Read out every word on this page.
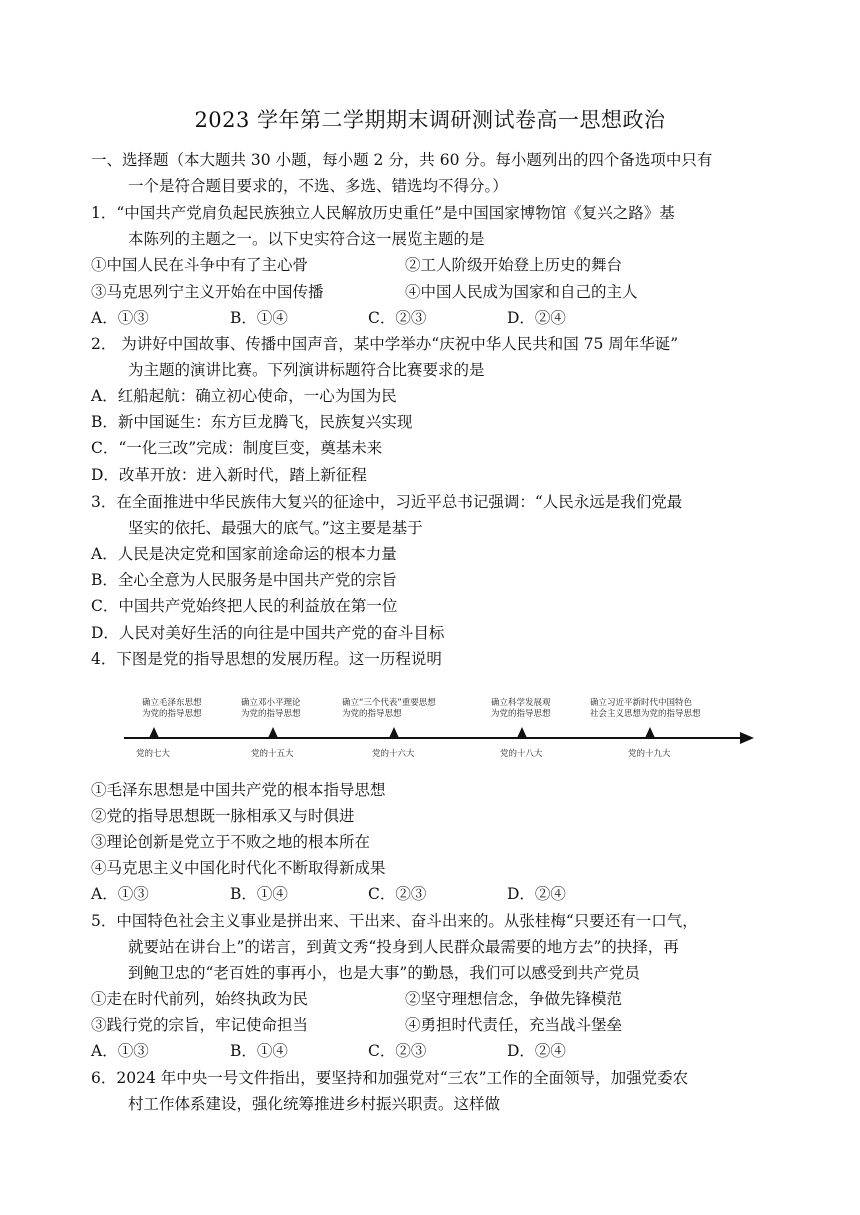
2023 学年第二学期期末调研测试卷高一思想政治
一、选择题（本大题共 30 小题，每小题 2 分，共 60 分。每小题列出的四个备选项中只有
一个是符合题目要求的，不选、多选、错选均不得分。）
1．“中国共产党肩负起民族独立人民解放历史重任”是中国国家博物馆《复兴之路》基
本陈列的主题之一。以下史实符合这一展览主题的是
①中国人民在斗争中有了主心骨	②工人阶级开始登上历史的舞台
③马克思列宁主义开始在中国传播	④中国人民成为国家和自己的主人
A．①③	B．①④	C．②③	D．②④
2． 为讲好中国故事、传播中国声音，某中学举办“庆祝中华人民共和国 75 周年华诞”
为主题的演讲比赛。下列演讲标题符合比赛要求的是
A．红船起航：确立初心使命，一心为国为民
B．新中国诞生：东方巨龙腾飞，民族复兴实现
C．“一化三改”完成：制度巨变，奠基未来
D．改革开放：进入新时代，踏上新征程
3．在全面推进中华民族伟大复兴的征途中，习近平总书记强调：“人民永远是我们党最
坚实的依托、最强大的底气。”这主要是基于
A．人民是决定党和国家前途命运的根本力量
B．全心全意为人民服务是中国共产党的宗旨
C．中国共产党始终把人民的利益放在第一位
D．人民对美好生活的向往是中国共产党的奋斗目标
4．下图是党的指导思想的发展历程。这一历程说明
确立毛泽东思想
为党的指导思想
确立邓小平理论
为党的指导思想
确立“三个代表”重要思想
为党的指导思想
确立科学发展观
为党的指导思想
确立习近平新时代中国特色
社会主义思想为党的指导思想
党的七大	党的十五大	党的十六大	党的十八大	党的十九大
①毛泽东思想是中国共产党的根本指导思想
②党的指导思想既一脉相承又与时俱进
③理论创新是党立于不败之地的根本所在
④马克思主义中国化时代化不断取得新成果
A．①③	B．①④	C．②③	D．②④
5．中国特色社会主义事业是拼出来、干出来、奋斗出来的。从张桂梅“只要还有一口气，
就要站在讲台上”的诺言，到黄文秀“投身到人民群众最需要的地方去”的抉择，再
到鲍卫忠的“老百姓的事再小，也是大事”的勤恳，我们可以感受到共产党员
①走在时代前列，始终执政为民	②坚守理想信念，争做先锋模范
③践行党的宗旨，牢记使命担当	④勇担时代责任，充当战斗堡垒
A．①③	B．①④	C．②③	D．②④
6．2024 年中央一号文件指出，要坚持和加强党对“三农”工作的全面领导，加强党委农
村工作体系建设，强化统筹推进乡村振兴职责。这样做
